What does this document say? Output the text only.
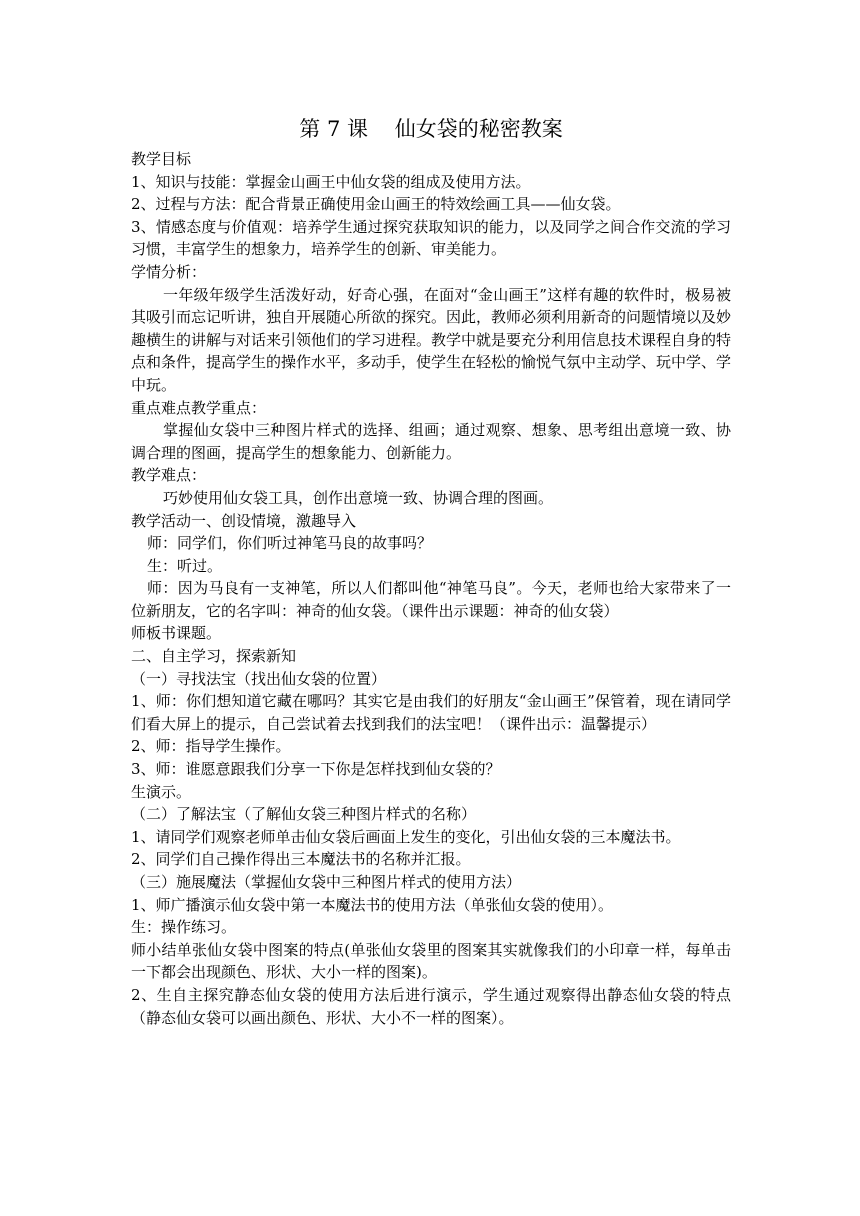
第 7 课    仙女袋的秘密教案

教学目标

1、知识与技能：掌握金山画王中仙女袋的组成及使用方法。

2、过程与方法：配合背景正确使用金山画王的特效绘画工具——仙女袋。

3、情感态度与价值观：培养学生通过探究获取知识的能力，以及同学之间合作交流的学习习惯，丰富学生的想象力，培养学生的创新、审美能力。

学情分析：

一年级年级学生活泼好动，好奇心强，在面对“金山画王”这样有趣的软件时，极易被其吸引而忘记听讲，独自开展随心所欲的探究。因此，教师必须利用新奇的问题情境以及妙趣横生的讲解与对话来引领他们的学习进程。教学中就是要充分利用信息技术课程自身的特点和条件，提高学生的操作水平，多动手，使学生在轻松的愉悦气氛中主动学、玩中学、学中玩。

重点难点教学重点：

掌握仙女袋中三种图片样式的选择、组画；通过观察、想象、思考组出意境一致、协调合理的图画，提高学生的想象能力、创新能力。

教学难点：

巧妙使用仙女袋工具，创作出意境一致、协调合理的图画。

教学活动一、创设情境，激趣导入

师：同学们，你们听过神笔马良的故事吗？

生：听过。

师：因为马良有一支神笔，所以人们都叫他“神笔马良”。今天，老师也给大家带来了一位新朋友，它的名字叫：神奇的仙女袋。（课件出示课题：神奇的仙女袋）

师板书课题。

二、自主学习，探索新知

（一）寻找法宝（找出仙女袋的位置）

1、师：你们想知道它藏在哪吗？其实它是由我们的好朋友“金山画王”保管着，现在请同学们看大屏上的提示，自己尝试着去找到我们的法宝吧！（课件出示：温馨提示）

2、师：指导学生操作。

3、师：谁愿意跟我们分享一下你是怎样找到仙女袋的？

生演示。

（二）了解法宝（了解仙女袋三种图片样式的名称）

1、请同学们观察老师单击仙女袋后画面上发生的变化，引出仙女袋的三本魔法书。

2、同学们自己操作得出三本魔法书的名称并汇报。

（三）施展魔法（掌握仙女袋中三种图片样式的使用方法）

1、师广播演示仙女袋中第一本魔法书的使用方法（单张仙女袋的使用）。

生：操作练习。

师小结单张仙女袋中图案的特点(单张仙女袋里的图案其实就像我们的小印章一样，每单击一下都会出现颜色、形状、大小一样的图案)。

2、生自主探究静态仙女袋的使用方法后进行演示，学生通过观察得出静态仙女袋的特点（静态仙女袋可以画出颜色、形状、大小不一样的图案）。
